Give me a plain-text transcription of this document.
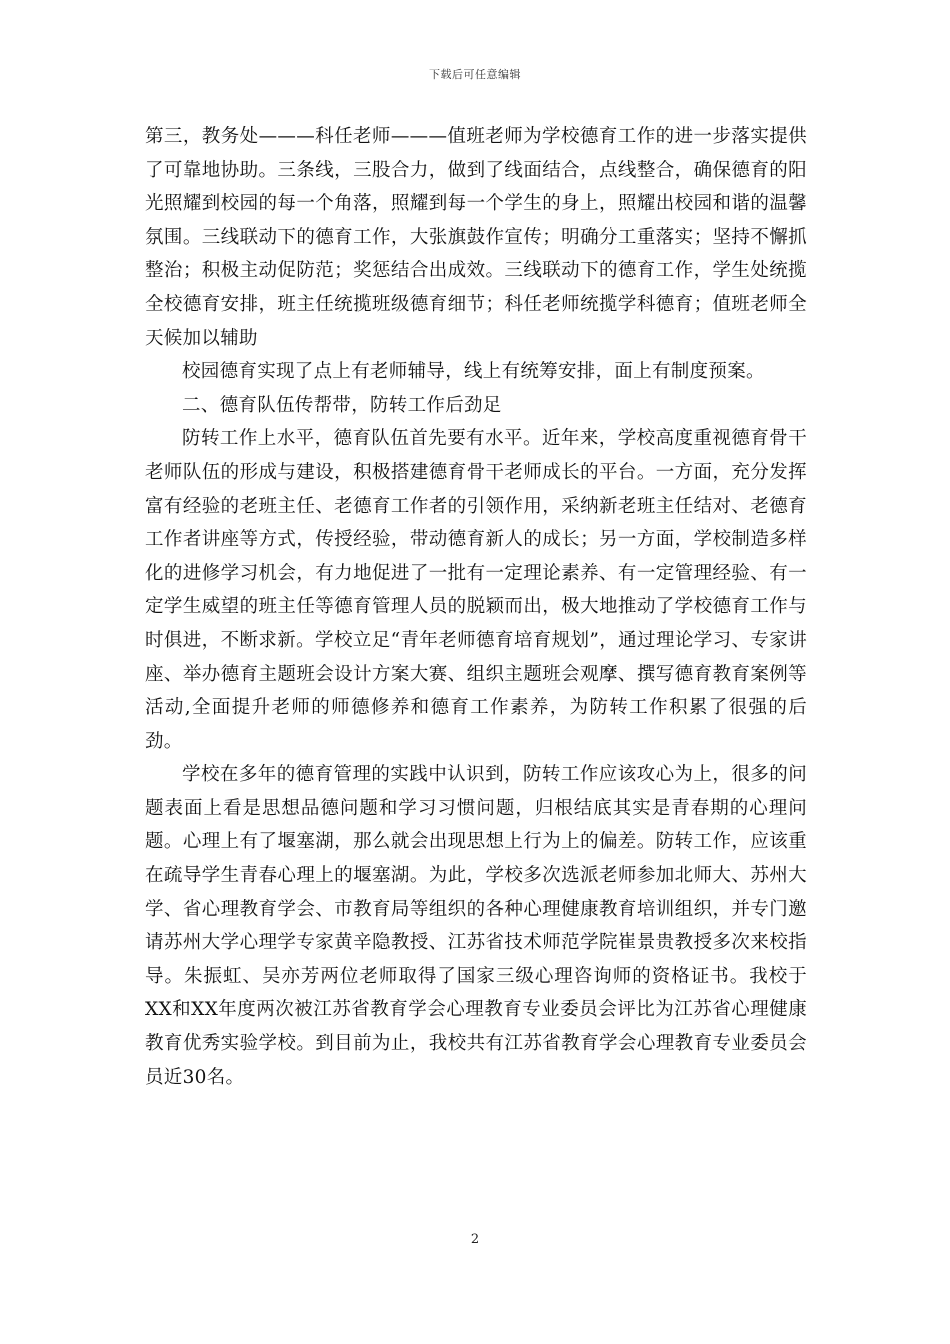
下载后可任意编辑

第三，教务处———科任老师———值班老师为学校德育工作的进一步落实提供了可靠地协助。三条线，三股合力，做到了线面结合，点线整合，确保德育的阳光照耀到校园的每一个角落，照耀到每一个学生的身上，照耀出校园和谐的温馨氛围。三线联动下的德育工作，大张旗鼓作宣传；明确分工重落实；坚持不懈抓整治；积极主动促防范；奖惩结合出成效。三线联动下的德育工作，学生处统揽全校德育安排，班主任统揽班级德育细节；科任老师统揽学科德育；值班老师全天候加以辅助

校园德育实现了点上有老师辅导，线上有统筹安排，面上有制度预案。

二、德育队伍传帮带，防转工作后劲足

防转工作上水平，德育队伍首先要有水平。近年来，学校高度重视德育骨干老师队伍的形成与建设，积极搭建德育骨干老师成长的平台。一方面，充分发挥富有经验的老班主任、老德育工作者的引领作用，采纳新老班主任结对、老德育工作者讲座等方式，传授经验，带动德育新人的成长；另一方面，学校制造多样化的进修学习机会，有力地促进了一批有一定理论素养、有一定管理经验、有一定学生威望的班主任等德育管理人员的脱颖而出，极大地推动了学校德育工作与时俱进，不断求新。学校立足“青年老师德育培育规划”，通过理论学习、专家讲座、举办德育主题班会设计方案大赛、组织主题班会观摩、撰写德育教育案例等活动,全面提升老师的师德修养和德育工作素养，为防转工作积累了很强的后劲。

学校在多年的德育管理的实践中认识到，防转工作应该攻心为上，很多的问题表面上看是思想品德问题和学习习惯问题，归根结底其实是青春期的心理问题。心理上有了堰塞湖，那么就会出现思想上行为上的偏差。防转工作，应该重在疏导学生青春心理上的堰塞湖。为此，学校多次选派老师参加北师大、苏州大学、省心理教育学会、市教育局等组织的各种心理健康教育培训组织，并专门邀请苏州大学心理学专家黄辛隐教授、江苏省技术师范学院崔景贵教授多次来校指导。朱振虹、吴亦芳两位老师取得了国家三级心理咨询师的资格证书。我校于XX和XX年度两次被江苏省教育学会心理教育专业委员会评比为江苏省心理健康教育优秀实验学校。到目前为止，我校共有江苏省教育学会心理教育专业委员会员近30名。

2
